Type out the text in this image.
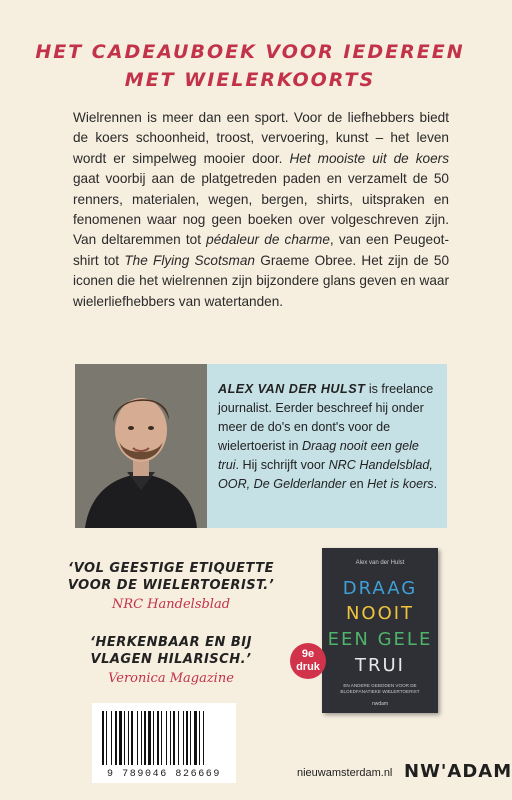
HET CADEAUBOEK VOOR IEDEREEN
MET WIELERKOORTS
Wielrennen is meer dan een sport. Voor de liefhebbers biedt de koers schoonheid, troost, vervoering, kunst – het leven wordt er simpelweg mooier door. Het mooiste uit de koers gaat voorbij aan de platgetreden paden en verzamelt de 50 renners, materialen, wegen, bergen, shirts, uitspraken en fenomenen waar nog geen boeken over volgeschreven zijn. Van deltaremmen tot pédaleur de charme, van een Peugeot-shirt tot The Flying Scotsman Graeme Obree. Het zijn de 50 iconen die het wielrennen zijn bijzondere glans geven en waar wielerliefhebbers van watertanden.
ALEX VAN DER HULST is freelance journalist. Eerder beschreef hij onder meer de do's en dont's voor de wielertoerist in Draag nooit een gele trui. Hij schrijft voor NRC Handelsblad, OOR, De Gelderlander en Het is koers.
‘VOL GEESTIGE ETIQUETTE
VOOR DE WIELERTOERIST.’
NRC Handelsblad
‘HERKENBAAR EN BIJ
VLAGEN HILARISCH.’
Veronica Magazine
Alex van der Hulst
DRAAG
NOOIT
EEN GELE
TRUI
EN ANDERE GEBODEN VOOR DE BLOEDFANATIEKE WIELERTOERIST
nwdam
9e
druk
9 789046 826669	nieuwamsterdam.nl NW'ADAM
